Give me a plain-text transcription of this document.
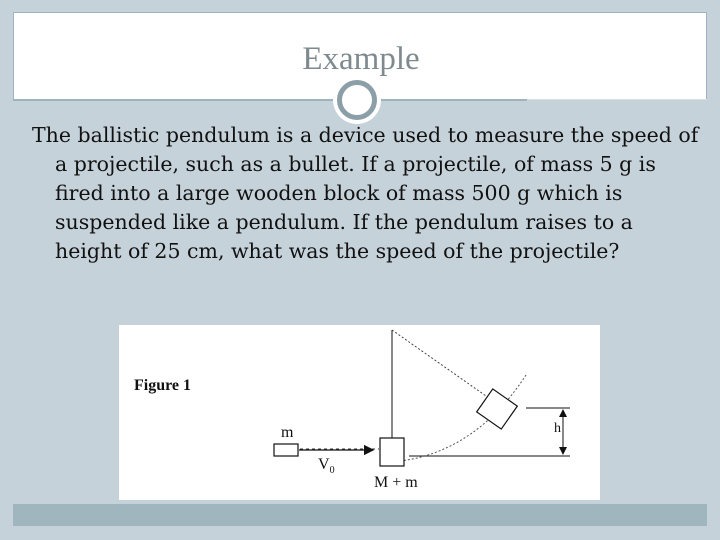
Example

The ballistic pendulum is a device used to measure the speed of a projectile, such as a bullet. If a projectile, of mass 5 g is fired into a large wooden block of mass 500 g which is suspended like a pendulum. If the pendulum raises to a height of 25 cm, what was the speed of the projectile?

Figure 1
m
$V_0$
M + m
h
